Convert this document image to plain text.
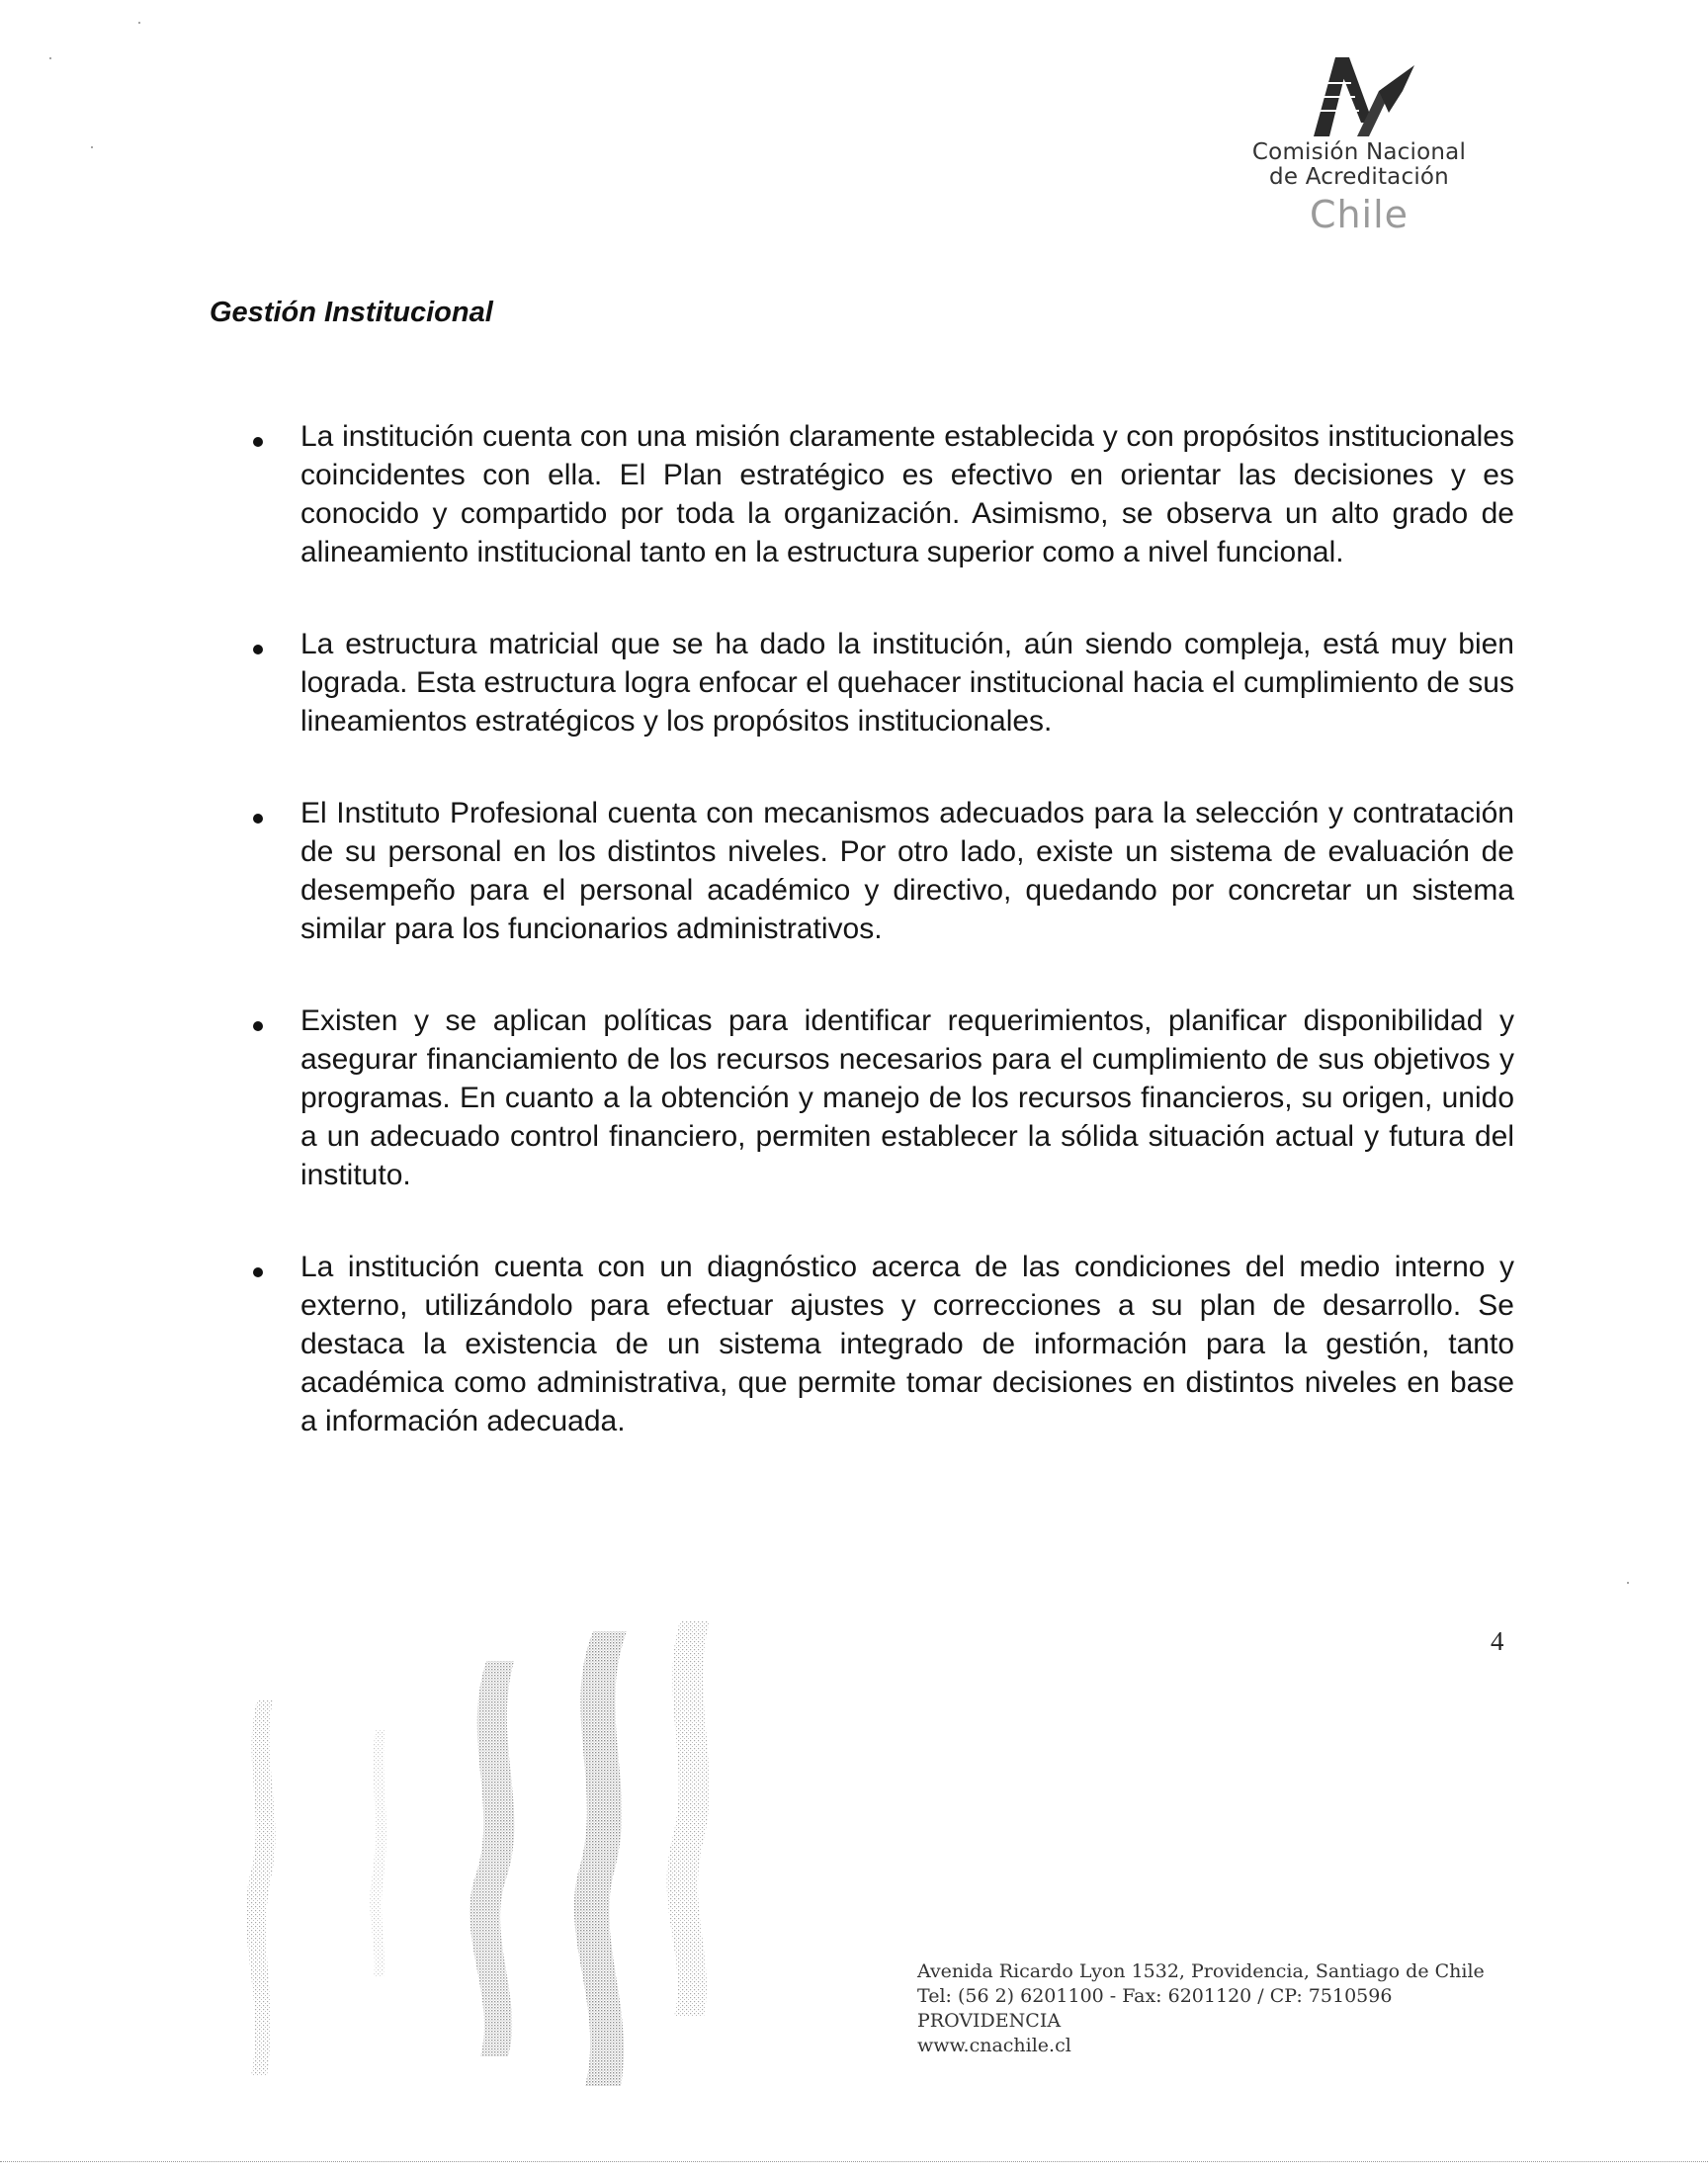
Comisión Nacional

de Acreditación

Chile
Gestión Institucional

La institución cuenta con una misión claramente establecida y con propósitos institucionales coincidentes con ella. El Plan estratégico es efectivo en orientar las decisiones y es conocido y compartido por toda la organización. Asimismo, se observa un alto grado de alineamiento institucional tanto en la estructura superior como a nivel funcional.

La estructura matricial que se ha dado la institución, aún siendo compleja, está muy bien lograda. Esta estructura logra enfocar el quehacer institucional hacia el cumplimiento de sus lineamientos estratégicos y los propósitos institucionales.

El Instituto Profesional cuenta con mecanismos adecuados para la selección y contratación de su personal en los distintos niveles. Por otro lado, existe un sistema de evaluación de desempeño para el personal académico y directivo, quedando por concretar un sistema similar para los funcionarios administrativos.

Existen y se aplican políticas para identificar requerimientos, planificar disponibilidad y asegurar financiamiento de los recursos necesarios para el cumplimiento de sus objetivos y programas. En cuanto a la obtención y manejo de los recursos financieros, su origen, unido a un adecuado control financiero, permiten establecer la sólida situación actual y futura del instituto.

La institución cuenta con un diagnóstico acerca de las condiciones del medio interno y externo, utilizándolo para efectuar ajustes y correcciones a su plan de desarrollo. Se destaca la existencia de un sistema integrado de información para la gestión, tanto académica como administrativa, que permite tomar decisiones en distintos niveles en base a información adecuada.

4

Avenida Ricardo Lyon 1532, Providencia, Santiago de Chile

Tel: (56 2) 6201100 - Fax: 6201120 / CP: 7510596 PROVIDENCIA

www.cnachile.cl
